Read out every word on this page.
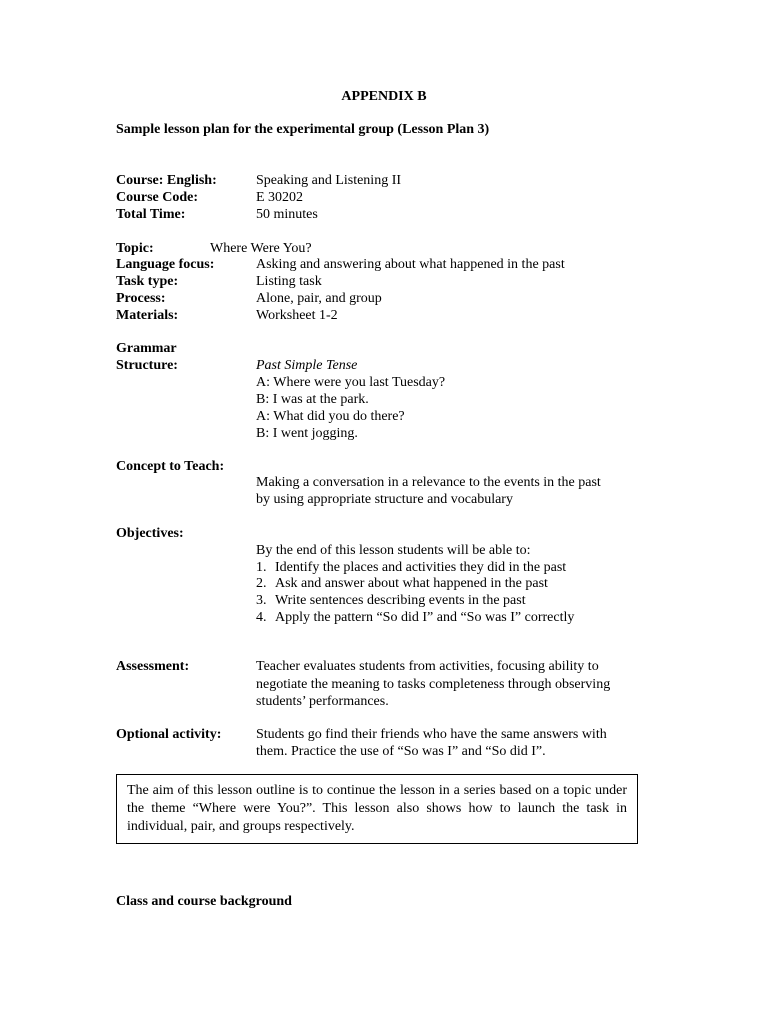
APPENDIX B
Sample lesson plan for the experimental group (Lesson Plan 3)
Course: English:	Speaking and Listening II
Course Code:	E 30202
Total Time:	50 minutes
Topic:	Where Were You?
Language focus:	Asking and answering about what happened in the past
Task type:	Listing task
Process:	Alone, pair, and group
Materials:	Worksheet 1-2
Grammar
Structure:	Past Simple Tense
A: Where were you last Tuesday?
B: I was at the park.
A: What did you do there?
B: I went jogging.
Concept to Teach:
Making a conversation in a relevance to the events in the past
by using appropriate structure and vocabulary
Objectives:
By the end of this lesson students will be able to:
1. Identify the places and activities they did in the past
2. Ask and answer about what happened in the past
3. Write sentences describing events in the past
4. Apply the pattern “So did I” and “So was I” correctly
Assessment:	Teacher evaluates students from activities, focusing ability to
negotiate the meaning to tasks completeness through observing
students’ performances.
Optional activity: Students go find their friends who have the same answers with
them. Practice the use of “So was I” and “So did I”.
The aim of this lesson outline is to continue the lesson in a series based on a topic under the theme “Where were You?”. This lesson also shows how to launch the task in individual, pair, and groups respectively.
Class and course background
